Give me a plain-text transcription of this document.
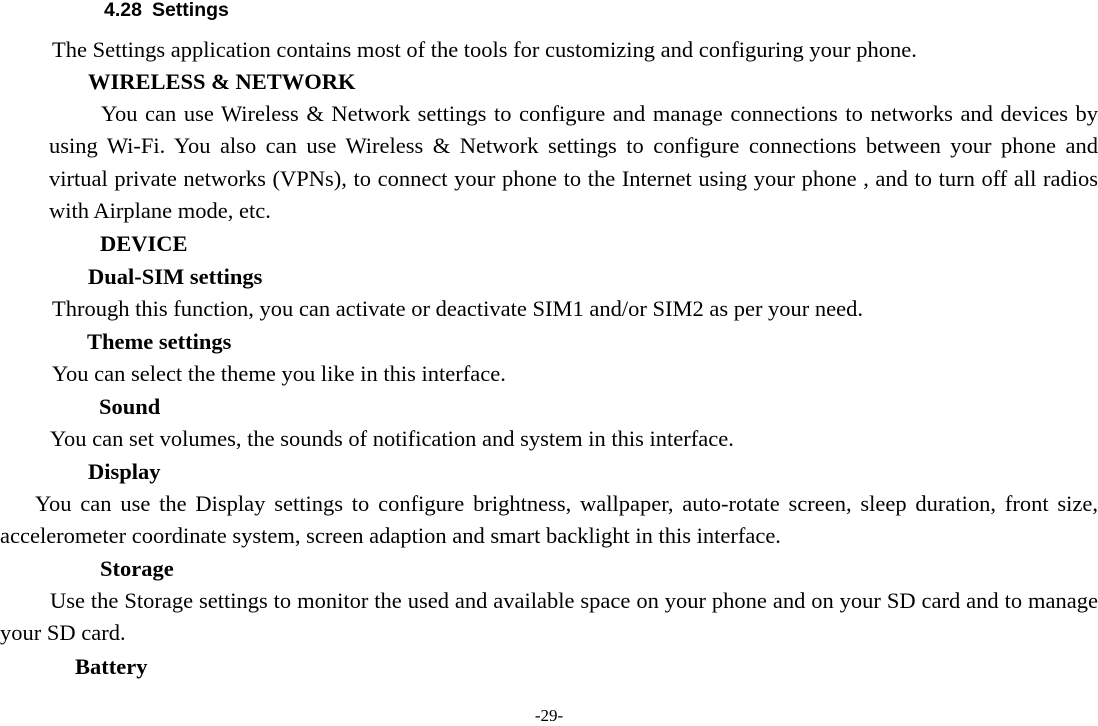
4.28 Settings

The Settings application contains most of the tools for customizing and configuring your phone.

WIRELESS & NETWORK

You can use Wireless & Network settings to configure and manage connections to networks and devices by using Wi-Fi. You also can use Wireless & Network settings to configure connections between your phone and virtual private networks (VPNs), to connect your phone to the Internet using your phone , and to turn off all radios with Airplane mode, etc.

DEVICE

Dual-SIM settings

Through this function, you can activate or deactivate SIM1 and/or SIM2 as per your need.

Theme settings

You can select the theme you like in this interface.

Sound

You can set volumes, the sounds of notification and system in this interface.

Display

You can use the Display settings to configure brightness, wallpaper, auto-rotate screen, sleep duration, front size, accelerometer coordinate system, screen adaption and smart backlight in this interface.

Storage

Use the Storage settings to monitor the used and available space on your phone and on your SD card and to manage your SD card.

Battery

-29-
